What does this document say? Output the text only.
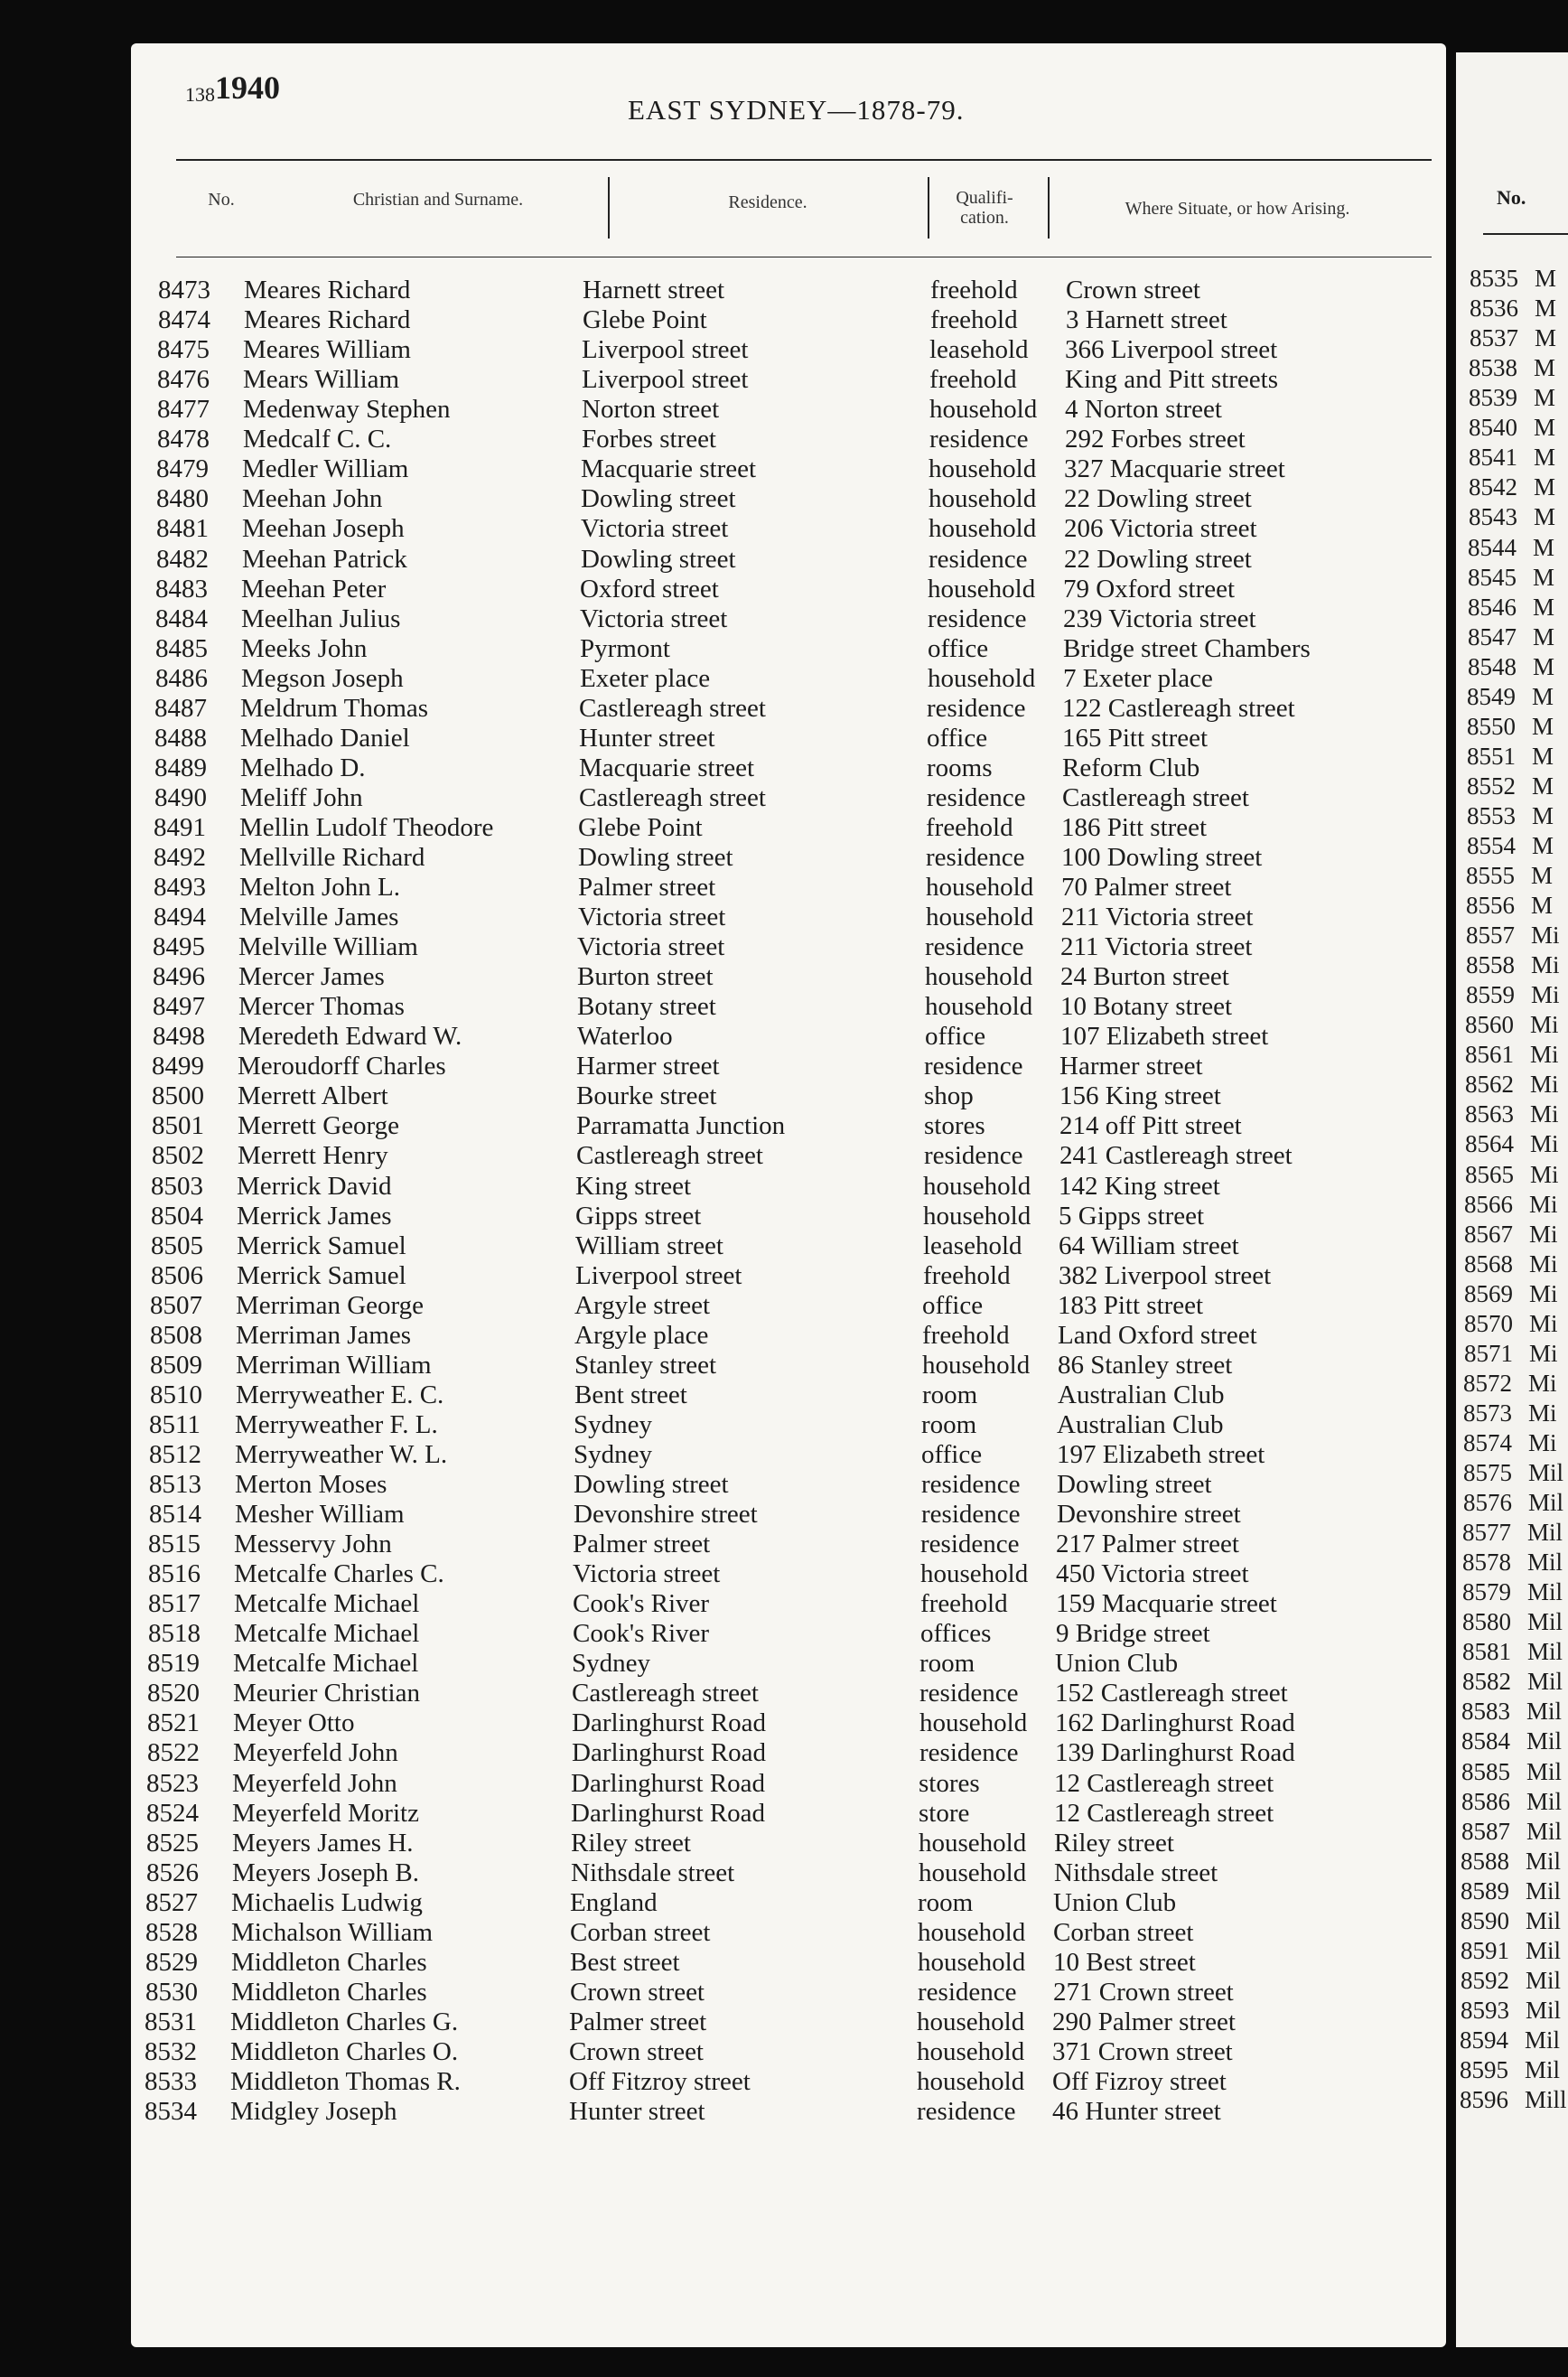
1381940
EAST SYDNEY—1878-79.
No.	Christian and Surname.	Residence.	Qualifi-
cation.	Where Situate, or how Arising.
8473 Meares Richard	Harnett street	freehold Crown street
8474 Meares Richard	Glebe Point	freehold 3 Harnett street
8475 Meares William	Liverpool street	leasehold 366 Liverpool street
8476 Mears William	Liverpool street	freehold King and Pitt streets
8477 Medenway Stephen	Norton street	household 4 Norton street
8478 Medcalf C. C.	Forbes street	residence 292 Forbes street
8479 Medler William	Macquarie street	household 327 Macquarie street
8480 Meehan John	Dowling street	household 22 Dowling street
8481 Meehan Joseph	Victoria street	household 206 Victoria street
8482 Meehan Patrick	Dowling street	residence 22 Dowling street
8483 Meehan Peter	Oxford street	household 79 Oxford street
8484 Meelhan Julius	Victoria street	residence 239 Victoria street
8485 Meeks John	Pyrmont	office	Bridge street Chambers
8486 Megson Joseph	Exeter place	household 7 Exeter place
8487 Meldrum Thomas	Castlereagh street	residence 122 Castlereagh street
8488 Melhado Daniel	Hunter street	office	165 Pitt street
8489 Melhado D.	Macquarie street	rooms	Reform Club
8490 Meliff John	Castlereagh street	residence Castlereagh street
8491 Mellin Ludolf Theodore	Glebe Point	freehold 186 Pitt street
8492 Mellville Richard	Dowling street	residence 100 Dowling street
8493 Melton John L.	Palmer street	household 70 Palmer street
8494 Melville James	Victoria street	household 211 Victoria street
8495 Melville William	Victoria street	residence 211 Victoria street
8496 Mercer James	Burton street	household 24 Burton street
8497 Mercer Thomas	Botany street	household 10 Botany street
8498 Meredeth Edward W.	Waterloo	office	107 Elizabeth street
8499 Meroudorff Charles	Harmer street	residence Harmer street
8500 Merrett Albert	Bourke street	shop	156 King street
8501 Merrett George	Parramatta Junction	stores	214 off Pitt street
8502 Merrett Henry	Castlereagh street	residence 241 Castlereagh street
8503 Merrick David	King street	household 142 King street
8504 Merrick James	Gipps street	household 5 Gipps street
8505 Merrick Samuel	William street	leasehold 64 William street
8506 Merrick Samuel	Liverpool street	freehold 382 Liverpool street
8507 Merriman George	Argyle street	office	183 Pitt street
8508 Merriman James	Argyle place	freehold Land Oxford street
8509 Merriman William	Stanley street	household 86 Stanley street
8510 Merryweather E. C.	Bent street	room	Australian Club
8511 Merryweather F. L.	Sydney	room	Australian Club
8512 Merryweather W. L.	Sydney	office	197 Elizabeth street
8513 Merton Moses	Dowling street	residence Dowling street
8514 Mesher William	Devonshire street	residence Devonshire street
8515 Messervy John	Palmer street	residence 217 Palmer street
8516 Metcalfe Charles C.	Victoria street	household 450 Victoria street
8517 Metcalfe Michael	Cook's River	freehold 159 Macquarie street
8518 Metcalfe Michael	Cook's River	offices 9 Bridge street
8519 Metcalfe Michael	Sydney	room	Union Club
8520 Meurier Christian	Castlereagh street	residence 152 Castlereagh street
8521 Meyer Otto	Darlinghurst Road	household 162 Darlinghurst Road
8522 Meyerfeld John	Darlinghurst Road	residence 139 Darlinghurst Road
8523 Meyerfeld John	Darlinghurst Road	stores	12 Castlereagh street
8524 Meyerfeld Moritz	Darlinghurst Road	store	12 Castlereagh street
8525 Meyers James H.	Riley street	household Riley street
8526 Meyers Joseph B.	Nithsdale street	household Nithsdale street
8527 Michaelis Ludwig	England	room	Union Club
8528 Michalson William	Corban street	household Corban street
8529 Middleton Charles	Best street	household 10 Best street
8530 Middleton Charles	Crown street	residence 271 Crown street
8531 Middleton Charles G.	Palmer street	household 290 Palmer street
8532 Middleton Charles O.	Crown street	household 371 Crown street
8533 Middleton Thomas R.	Off Fitzroy street	household Off Fizroy street
8534 Midgley Joseph	Hunter street	residence 46 Hunter street
No.
8535 M
8536 M
8537 M
8538 M
8539 M
8540 M
8541 M
8542 M
8543 M
8544 M
8545 M
8546 M
8547 M
8548 M
8549 M
8550 M
8551 M
8552 M
8553 M
8554 M
8555 M
8556 M
8557 Mi
8558 Mi
8559 Mi
8560 Mi
8561 Mi
8562 Mi
8563 Mi
8564 Mi
8565 Mi
8566 Mi
8567 Mi
8568 Mi
8569 Mi
8570 Mi
8571 Mi
8572 Mi
8573 Mi
8574 Mi
8575 Mil
8576 Mil
8577 Mil
8578 Mil
8579 Mil
8580 Mil
8581 Mil
8582 Mil
8583 Mil
8584 Mil
8585 Mil
8586 Mil
8587 Mil
8588 Mil
8589 Mil
8590 Mil
8591 Mil
8592 Mil
8593 Mil
8594 Mil
8595 Mil
8596 Mill
